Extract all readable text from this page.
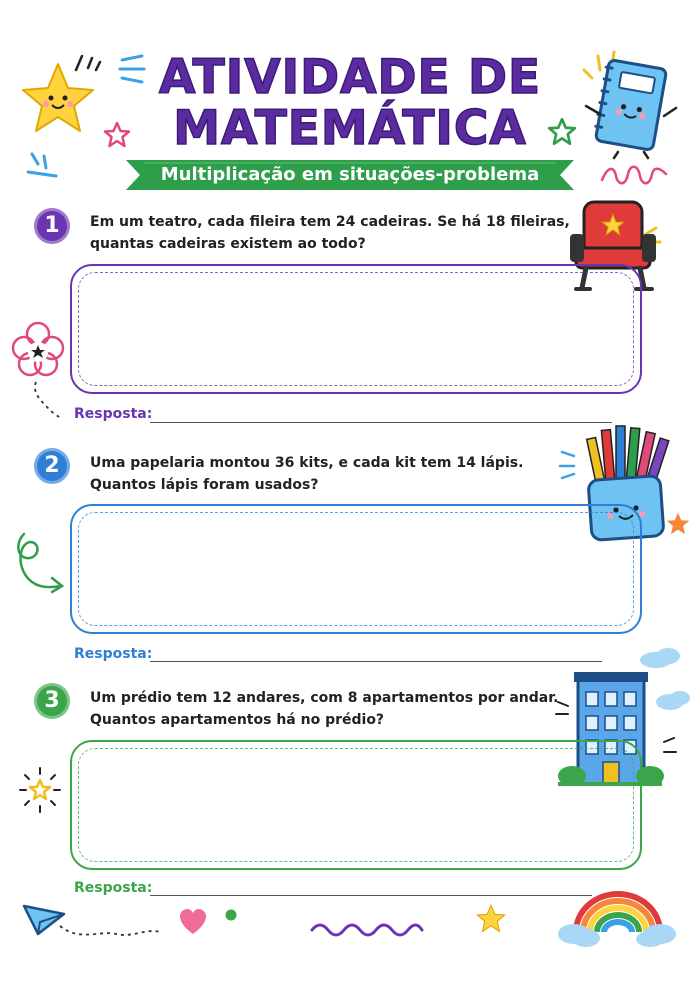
ATIVIDADE DE
MATEMÁTICA
Multiplicação em situações-problema
1	Em um teatro, cada fileira tem 24 cadeiras. Se há 18 fileiras,
quantas cadeiras existem ao todo?
Resposta:
2	Uma papelaria montou 36 kits, e cada kit tem 14 lápis.
Quantos lápis foram usados?
Resposta:
3	Um prédio tem 12 andares, com 8 apartamentos por andar.
Quantos apartamentos há no prédio?
Resposta:
